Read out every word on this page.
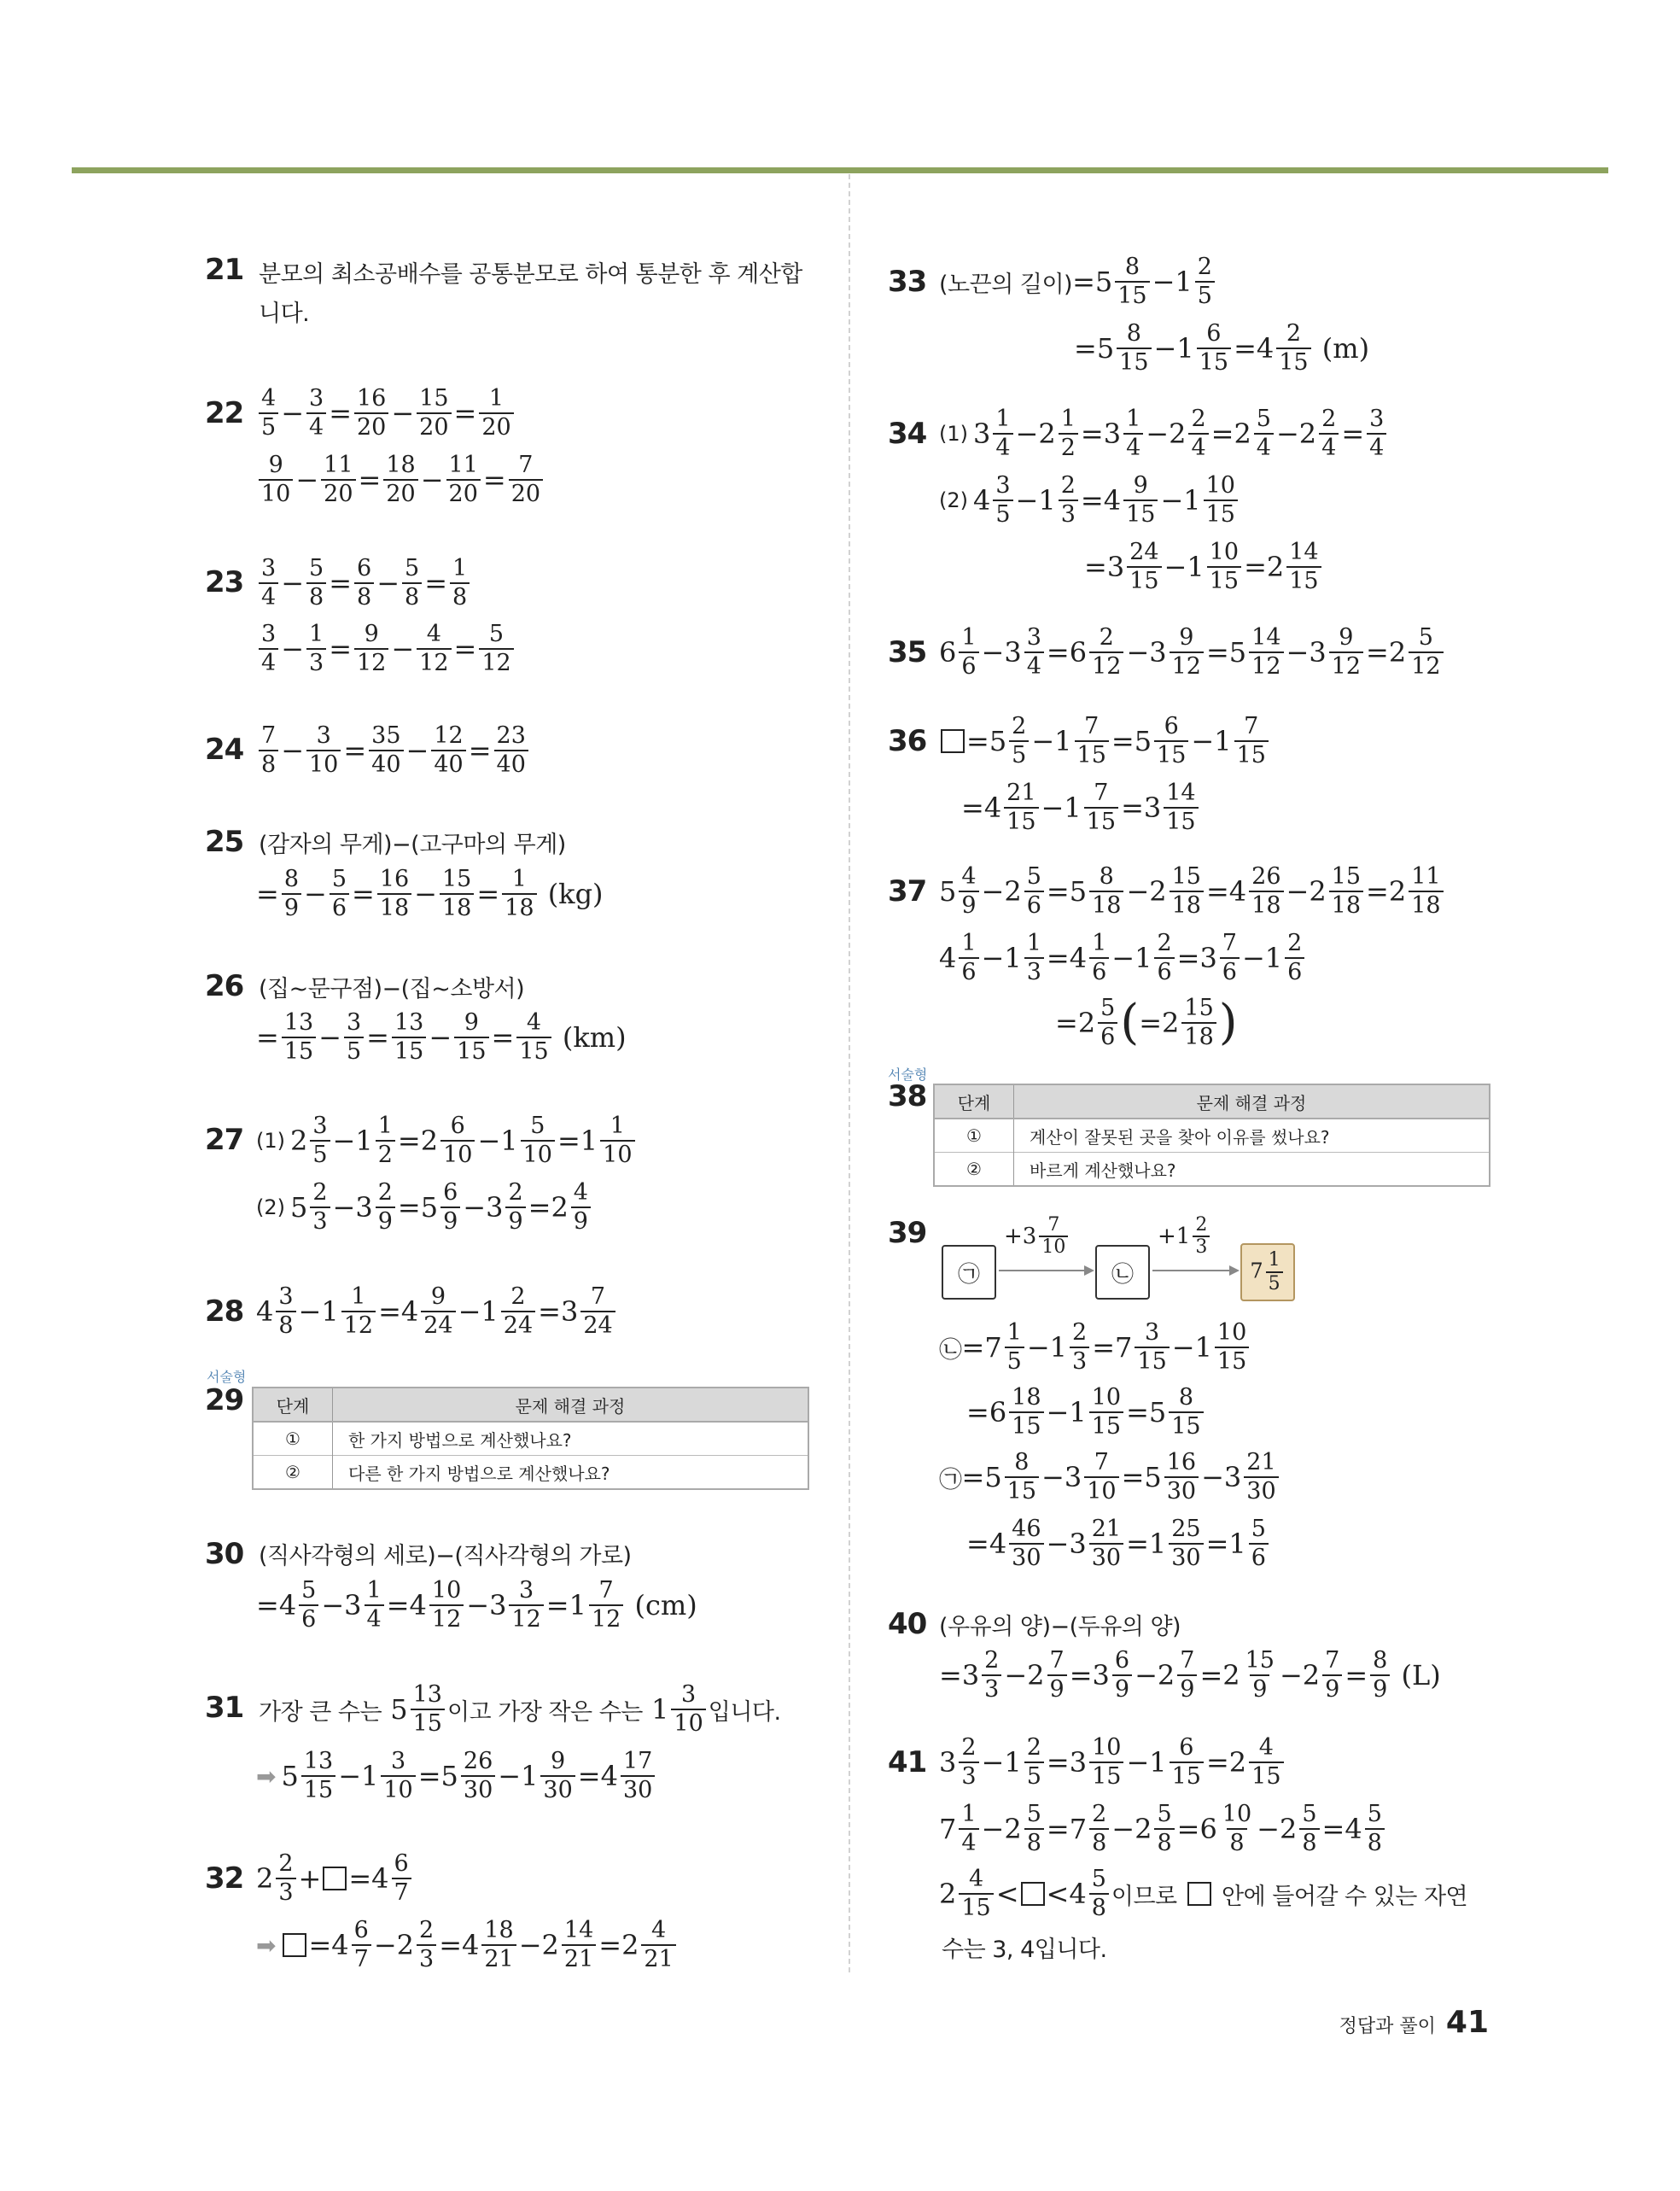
21 분모의 최소공배수를 공통분모로 하여 통분한 후 계산합
니다.
22 4
5 − 3
4 = 16
20 − 15
20 = 1
20
9
10 − 11
20 = 18
20 − 11
20 = 7
20
23 3
4 − 5
8 = 6
8 − 5
8 = 1
8
3
4 − 1
3 = 9
12 − 4
12 = 5
12
24 7
8 − 3
10 = 35
40 − 12
40 = 23
40
25 (감자의 무게)−(고구마의 무게)
= 8
9 − 5
6 = 16
18 − 15
18 = 1
18
(kg)
26 (집~문구점)−(집~소방서)
= 13
15 − 3
5 = 13
15 − 9
15 = 4
15
(km)
27 (1) 2 3
5 −1 1
2 =2 6
10 −1 5
10 =1 1
10
(2) 5 2
3 −3 2
9 =5 6
9 −3 2
9 =2 4
9
28 4 3
8 −1 1
12 =4 9
24 −1 2
24 =3 7
24
서술형
29 단계	문제 해결 과정
①	한 가지 방법으로 계산했나요?
②	다른 한 가지 방법으로 계산했나요?
30 (직사각형의 세로)−(직사각형의 가로)
=4 5
6 −3 1
4 =4 10
12 −3 3
12 =1 7
12
(cm)
31 가장 큰 수는 5 13
15 이고 가장 작은 수는 1 3
10 입니다.
➡ 5 13
15 −1 3
10 =5 26
30 −1 9
30 =4 17
30
32 2 2
3 + =4 6
7
➡ =4 6
7 −2 2
3 =4 18
21 −2 14
21 =2 4
21
33 (노끈의 길이) =5 8
15 −1 2
5
=5 8
15 −1 6
15 =4 2
15
(m)
34 (1) 3 1
4 −2 1
2 =3 1
4 −2 2
4 =2 5
4 −2 2
4 = 3
4
(2) 4 3
5 −1 2
3 =4 9
15 −1 10
15
=3 24
15 −1 10
15 =2 14
15
35 6 1
6 −3 3
4 =6 2
12 −3 9
12 =5 14
12 −3 9
12 =2 5
12
36	=5 2
5 −1 7
15 =5 6
15 −1 7
15
=4 21
15 −1 7
15 =3 14
15
37 5 4
9 −2 5
6 =5 8
18 −2 15
18 =4 26
18 −2 15
18 =2 11
18
4 1
6 −1 1
3 =4 1
6 −1 2
6 =3 7
6 −1 2
6
=2 5
6 ( =2 15
18 )
서술형
38 단계	문제 해결 과정
①	계산이 잘못된 곳을 찾아 이유를 썼나요?
②	바르게 계산했나요?
39
㉠	㉡	$7 \frac{1}{5}$
+3 7
10	+1 2
3
㉡ =7 1
5 −1 2
3 =7 3
15 −1 10
15
=6 18
15 −1 10
15 =5 8
15
㉠ =5 8
15 −3 7
10 =5 16
30 −3 21
30
=4 46
30 −3 21
30 =1 25
30 =1 5
6
40 (우유의 양)−(두유의 양)
=3 2
3 −2 7
9 =3 6
9 −2 7
9 =2 15
9 −2 7
9 = 8
9
(L)
41 3 2
3 −1 2
5 =3 10
15 −1 6
15 =2 4
15
7 1
4 −2 5
8 =7 2
8 −2 5
8 =6 10
8 −2 5
8 =4 5
8
2 4
15 < <4 5
8 이므로

안에 들어갈 수 있는 자연
수는 3, 4입니다.
정답과 풀이 41
